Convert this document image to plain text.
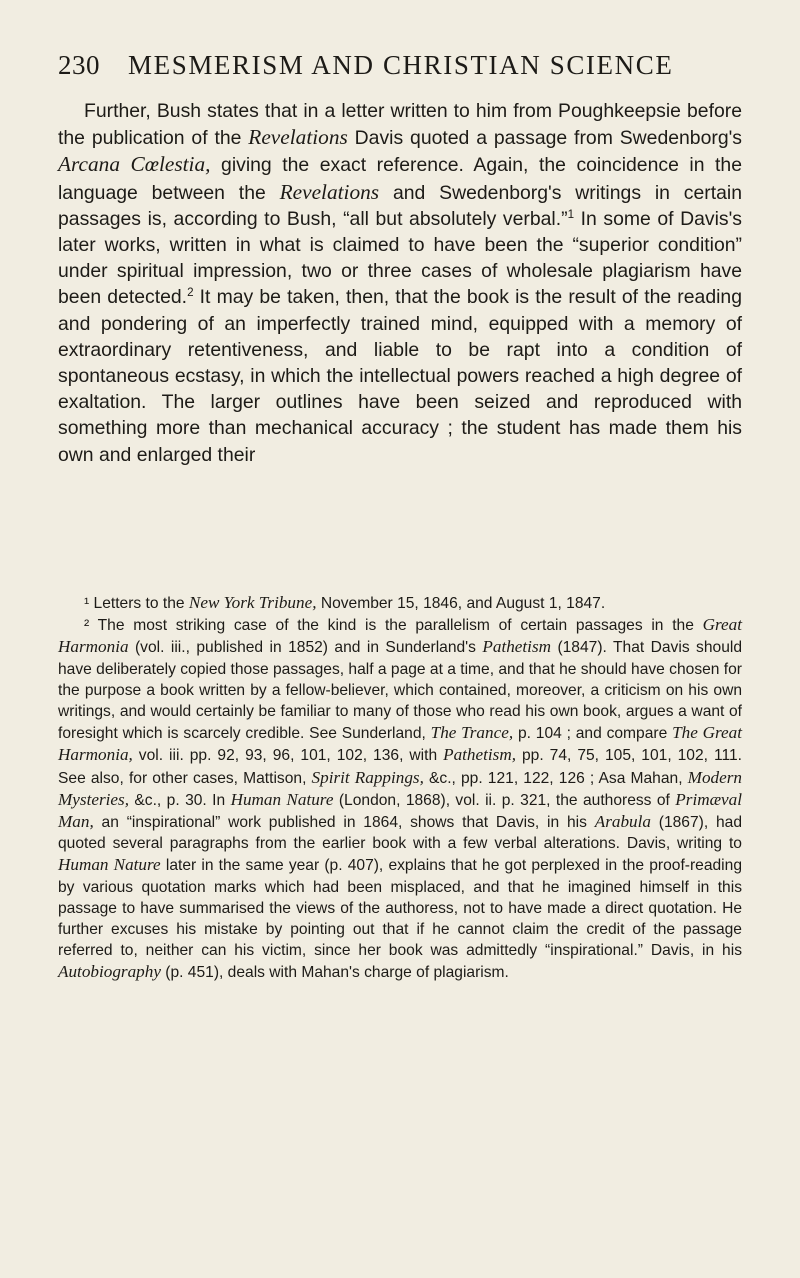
230 MESMERISM AND CHRISTIAN SCIENCE

Further, Bush states that in a letter written to him from Poughkeepsie before the publication of the Revelations Davis quoted a passage from Swedenborg's Arcana Cœlestia, giving the exact reference. Again, the coincidence in the language between the Revelations and Swedenborg's writings in certain passages is, according to Bush, “all but absolutely verbal.”$^1$ In some of Davis's later works, written in what is claimed to have been the “superior condition” under spiritual impression, two or three cases of wholesale plagiarism have been detected.$^2$ It may be taken, then, that the book is the result of the reading and pondering of an imperfectly trained mind, equipped with a memory of extraordinary retentiveness, and liable to be rapt into a condition of spontaneous ecstasy, in which the intellectual powers reached a high degree of exaltation. The larger outlines have been seized and reproduced with something more than mechanical accuracy ; the student has made them his own and enlarged their

¹ Letters to the New York Tribune, November 15, 1846, and August 1, 1847.

² The most striking case of the kind is the parallelism of certain passages in the Great Harmonia (vol. iii., published in 1852) and in Sunderland's Pathetism (1847). That Davis should have deliberately copied those passages, half a page at a time, and that he should have chosen for the purpose a book written by a fellow-believer, which contained, moreover, a criticism on his own writings, and would certainly be familiar to many of those who read his own book, argues a want of foresight which is scarcely credible. See Sunderland, The Trance, p. 104 ; and compare The Great Harmonia, vol. iii. pp. 92, 93, 96, 101, 102, 136, with Pathetism, pp. 74, 75, 105, 101, 102, 111. See also, for other cases, Mattison, Spirit Rappings, &c., pp. 121, 122, 126 ; Asa Mahan, Modern Mysteries, &c., p. 30. In Human Nature (London, 1868), vol. ii. p. 321, the authoress of Primæval Man, an “inspirational” work published in 1864, shows that Davis, in his Arabula (1867), had quoted several paragraphs from the earlier book with a few verbal alterations. Davis, writing to Human Nature later in the same year (p. 407), explains that he got perplexed in the proof-reading by various quotation marks which had been misplaced, and that he imagined himself in this passage to have summarised the views of the authoress, not to have made a direct quotation. He further excuses his mistake by pointing out that if he cannot claim the credit of the passage referred to, neither can his victim, since her book was admittedly “inspirational.” Davis, in his Autobiography (p. 451), deals with Mahan's charge of plagiarism.
